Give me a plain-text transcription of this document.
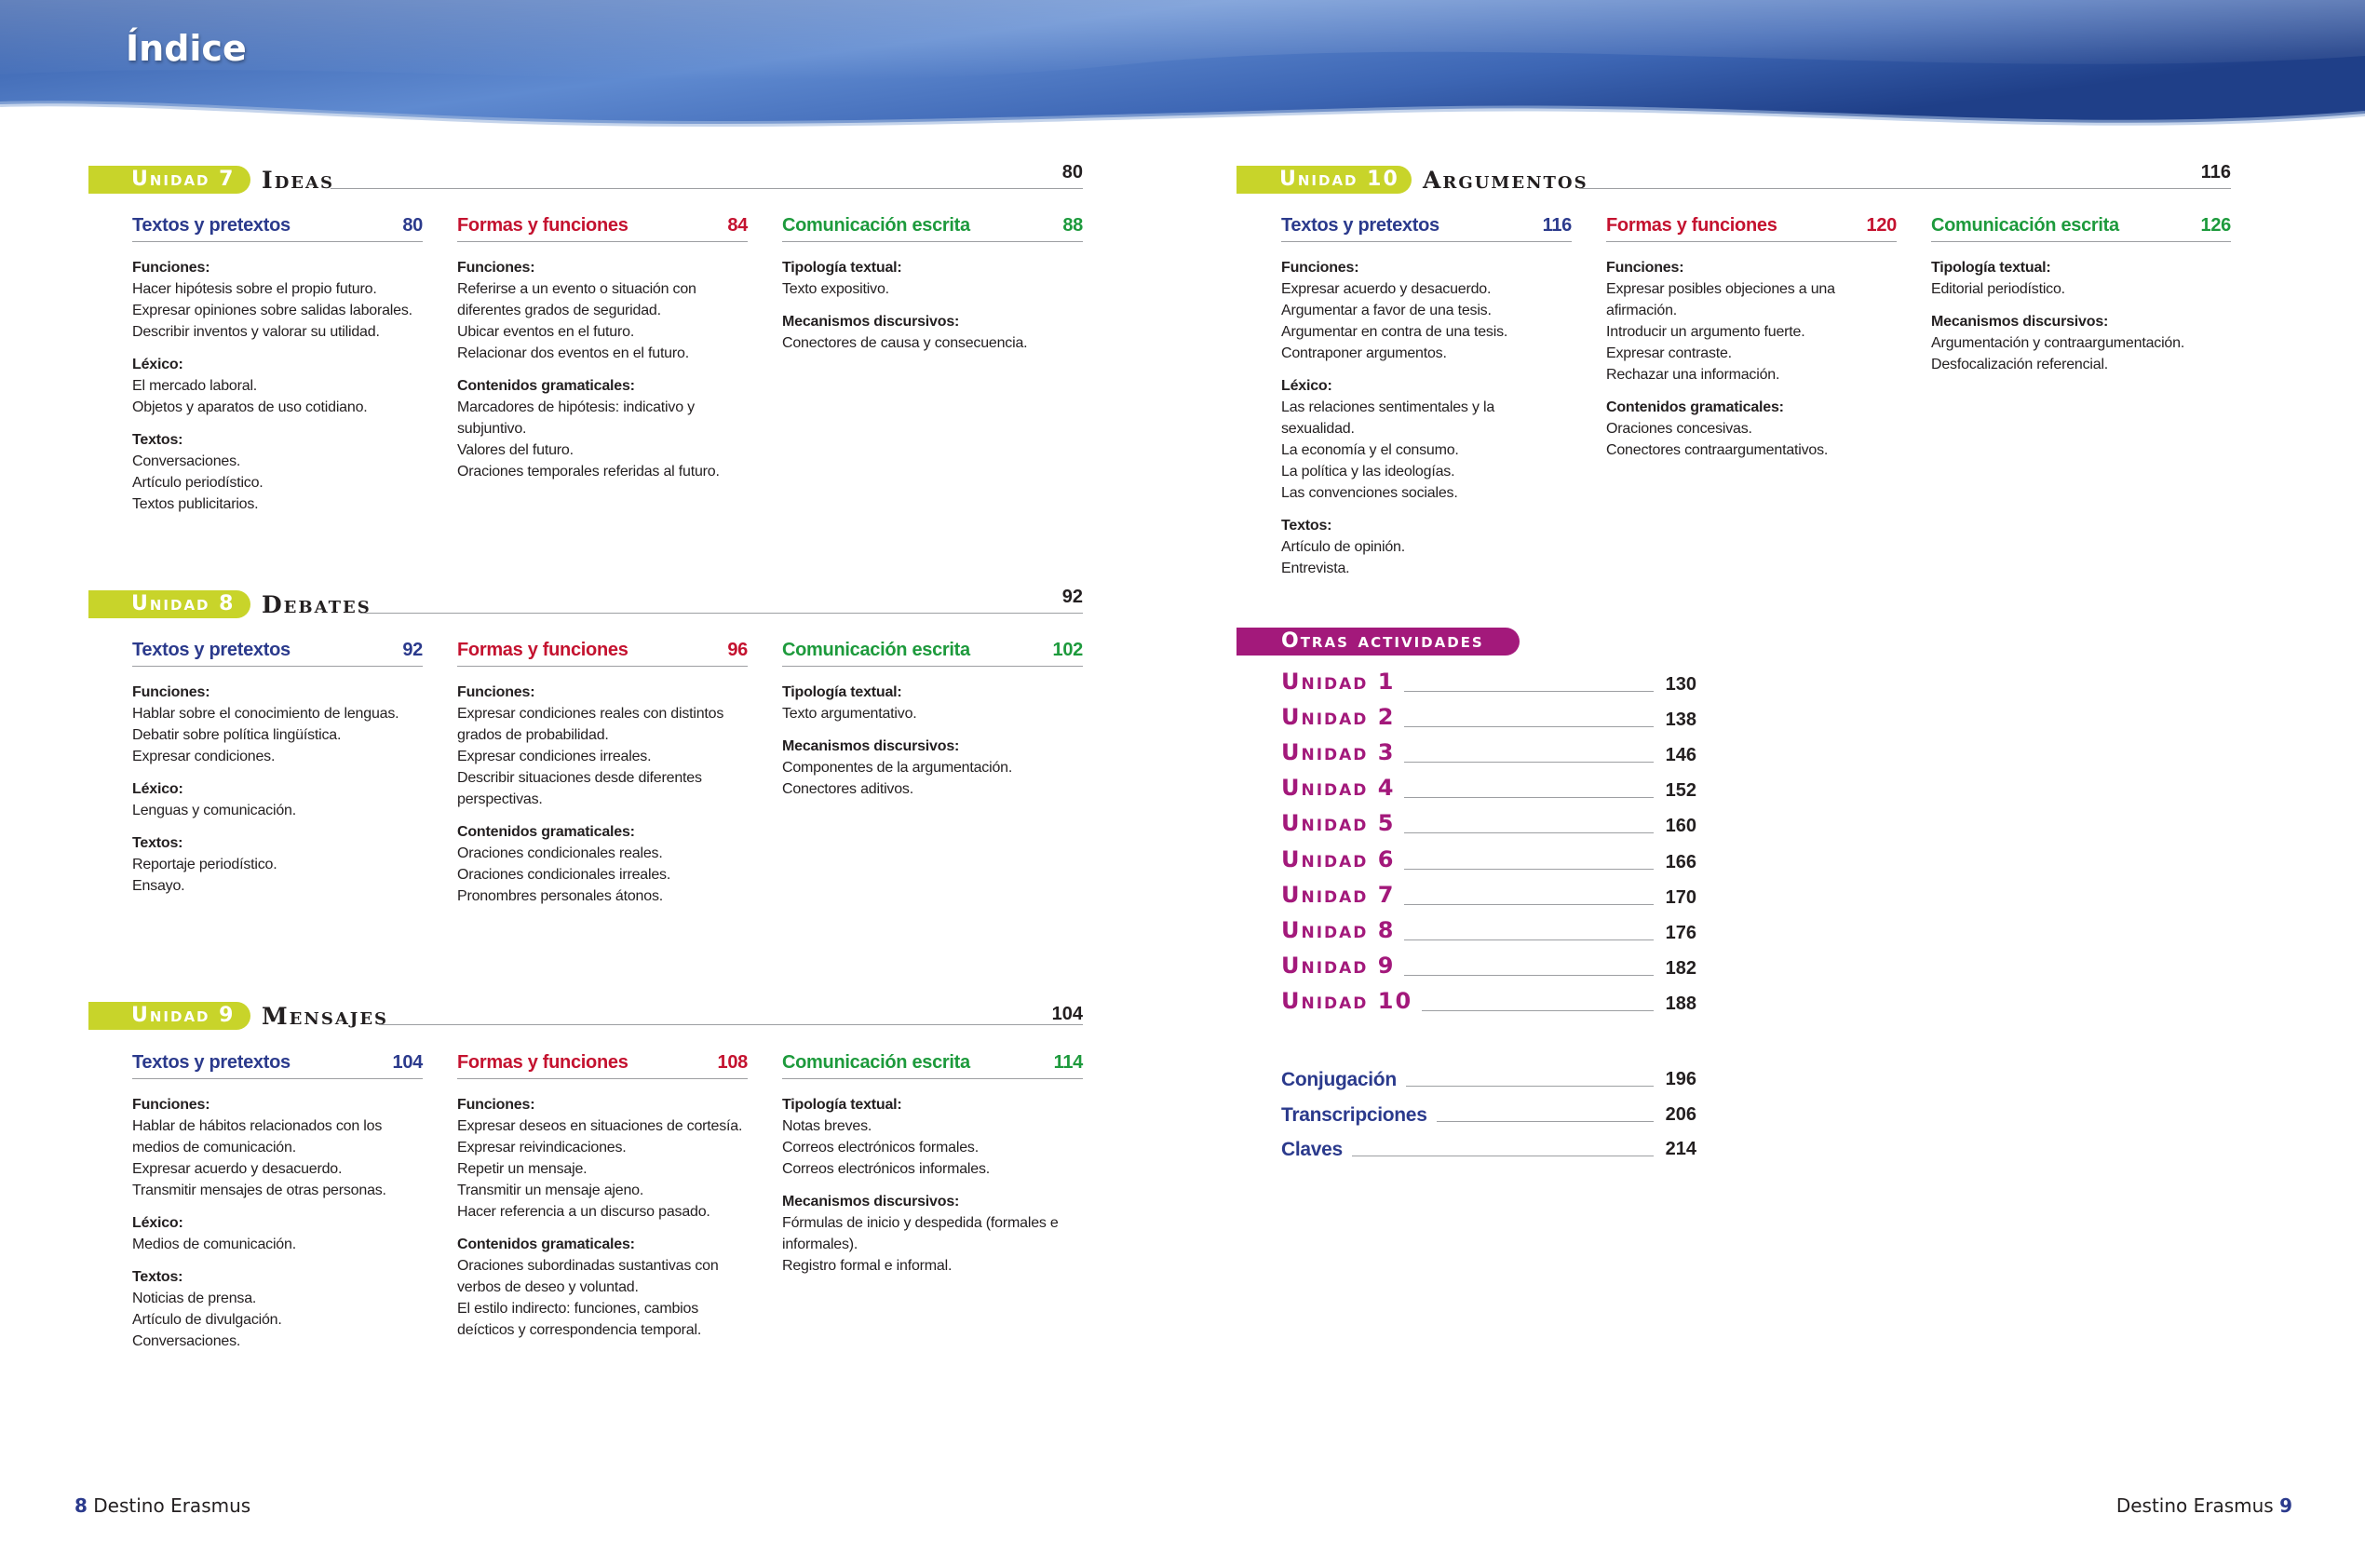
Índice
Unidad 7	Ideas	80
Textos y pretextos	80
Funciones:
Hacer hipótesis sobre el propio futuro.
Expresar opiniones sobre salidas laborales.
Describir inventos y valorar su utilidad.
Léxico:
El mercado laboral.
Objetos y aparatos de uso cotidiano.
Textos:
Conversaciones.
Artículo periodístico.
Textos publicitarios.
Formas y funciones	84
Funciones:
Referirse a un evento o situación con
diferentes grados de seguridad.
Ubicar eventos en el futuro.
Relacionar dos eventos en el futuro.
Contenidos gramaticales:
Marcadores de hipótesis: indicativo y
subjuntivo.
Valores del futuro.
Oraciones temporales referidas al futuro.
Comunicación escrita	88
Tipología textual:
Texto expositivo.
Mecanismos discursivos:
Conectores de causa y consecuencia.
Unidad 8	Debates	92
Textos y pretextos	92
Funciones:
Hablar sobre el conocimiento de lenguas.
Debatir sobre política lingüística.
Expresar condiciones.
Léxico:
Lenguas y comunicación.
Textos:
Reportaje periodístico.
Ensayo.
Formas y funciones	96
Funciones:
Expresar condiciones reales con distintos
grados de probabilidad.
Expresar condiciones irreales.
Describir situaciones desde diferentes
perspectivas.
Contenidos gramaticales:
Oraciones condicionales reales.
Oraciones condicionales irreales.
Pronombres personales átonos.
Comunicación escrita	102
Tipología textual:
Texto argumentativo.
Mecanismos discursivos:
Componentes de la argumentación.
Conectores aditivos.
Unidad 9	Mensajes	104
Textos y pretextos	104
Funciones:
Hablar de hábitos relacionados con los
medios de comunicación.
Expresar acuerdo y desacuerdo.
Transmitir mensajes de otras personas.
Léxico:
Medios de comunicación.
Textos:
Noticias de prensa.
Artículo de divulgación.
Conversaciones.
Formas y funciones	108
Funciones:
Expresar deseos en situaciones de cortesía.
Expresar reivindicaciones.
Repetir un mensaje.
Transmitir un mensaje ajeno.
Hacer referencia a un discurso pasado.
Contenidos gramaticales:
Oraciones subordinadas sustantivas con
verbos de deseo y voluntad.
El estilo indirecto: funciones, cambios
deícticos y correspondencia temporal.
Comunicación escrita	114
Tipología textual:
Notas breves.
Correos electrónicos formales.
Correos electrónicos informales.
Mecanismos discursivos:
Fórmulas de inicio y despedida (formales e
informales).
Registro formal e informal.
Unidad 10	Argumentos	116
Textos y pretextos	116
Funciones:
Expresar acuerdo y desacuerdo.
Argumentar a favor de una tesis.
Argumentar en contra de una tesis.
Contraponer argumentos.
Léxico:
Las relaciones sentimentales y la sexualidad.
La economía y el consumo.
La política y las ideologías.
Las convenciones sociales.
Textos:
Artículo de opinión.
Entrevista.
Formas y funciones	120
Funciones:
Expresar posibles objeciones a una
afirmación.
Introducir un argumento fuerte.
Expresar contraste.
Rechazar una información.
Contenidos gramaticales:
Oraciones concesivas.
Conectores contraargumentativos.
Comunicación escrita	126
Tipología textual:
Editorial periodístico.
Mecanismos discursivos:
Argumentación y contraargumentación.
Desfocalización referencial.
Otras actividades
Unidad 1	130
Unidad 2	138
Unidad 3	146
Unidad 4	152
Unidad 5	160
Unidad 6	166
Unidad 7	170
Unidad 8	176
Unidad 9	182
Unidad 10	188
Conjugación	196
Transcripciones	206
Claves	214
8 Destino Erasmus	Destino Erasmus 9
